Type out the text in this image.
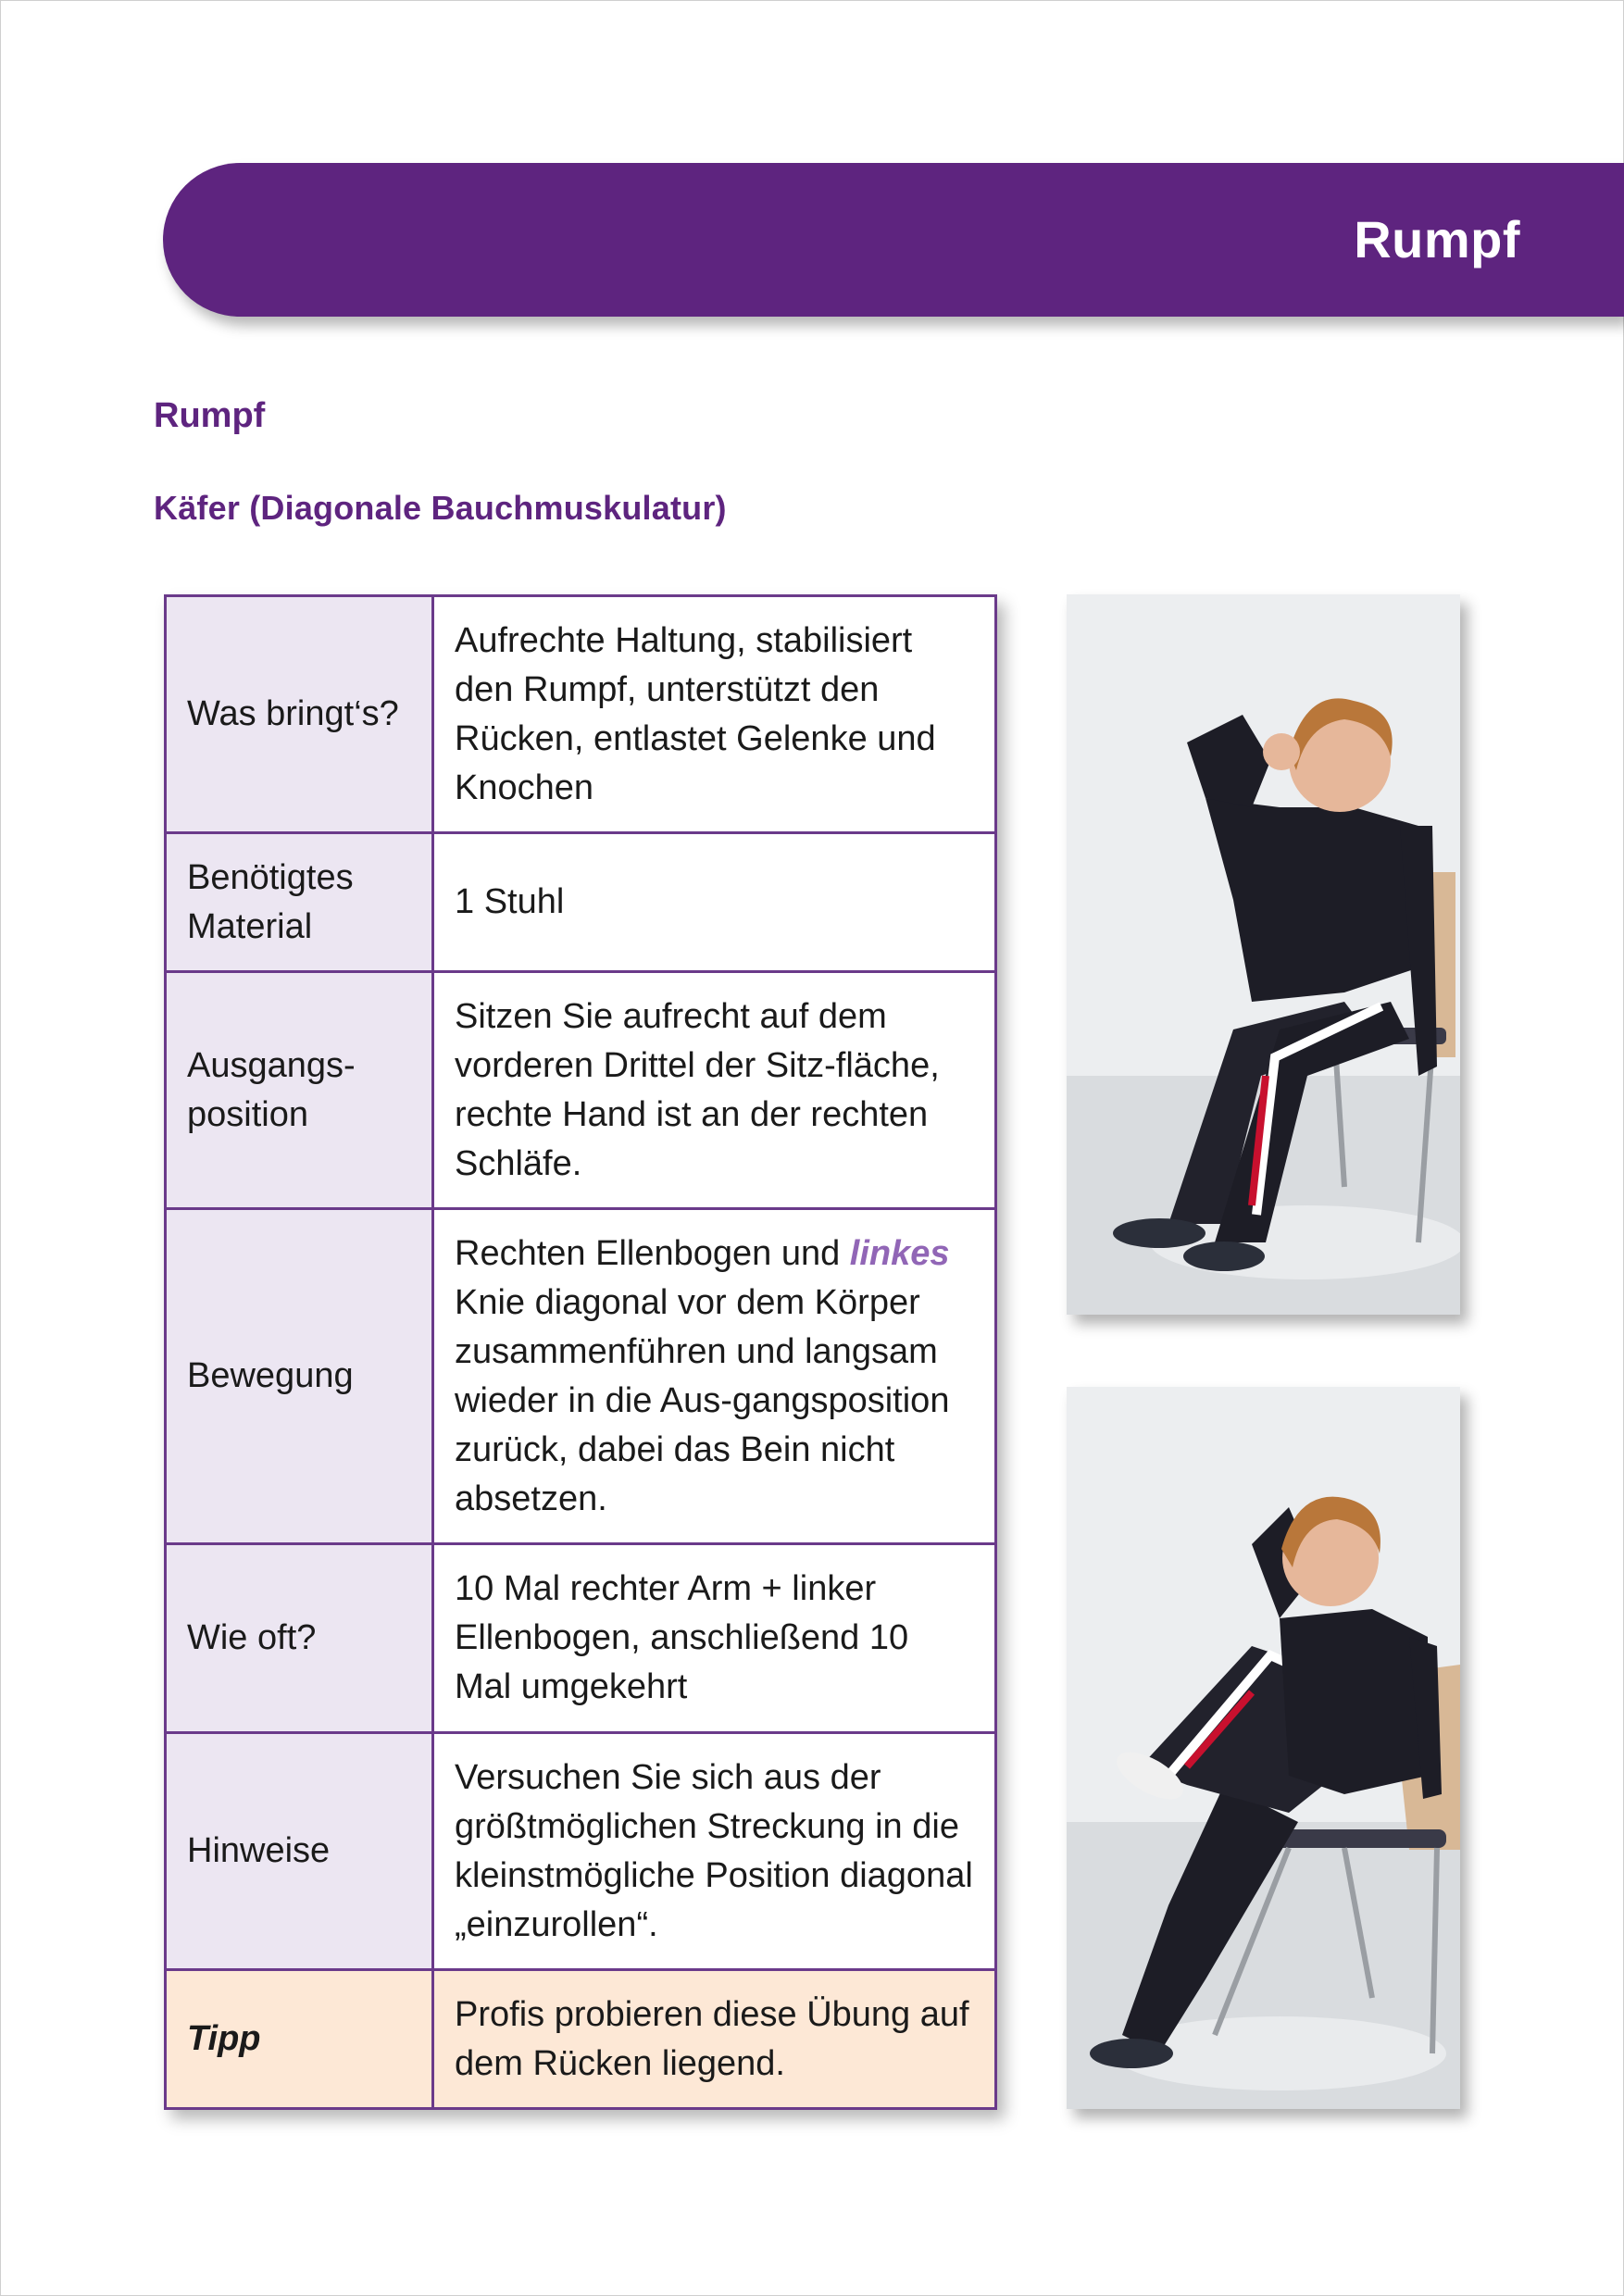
Rumpf
Rumpf
Käfer (Diagonale Bauchmuskulatur)
Was bringt‘s?	Aufrechte Haltung, stabilisiert den Rumpf, unterstützt den Rücken, entlastet Gelenke und Knochen
Benötigtes Material	1 Stuhl
Ausgangs-position	Sitzen Sie aufrecht auf dem vorderen Drittel der Sitz-fläche, rechte Hand ist an der rechten Schläfe.
Bewegung	Rechten Ellenbogen und linkes Knie diagonal vor dem Körper zusammenführen und langsam wieder in die Aus-gangsposition zurück, dabei das Bein nicht absetzen.
Wie oft?	10 Mal rechter Arm + linker Ellenbogen, anschließend 10 Mal umgekehrt
Hinweise	Versuchen Sie sich aus der größtmöglichen Streckung in die kleinstmögliche Position diagonal „einzurollen“.
Tipp	Profis probieren diese Übung auf dem Rücken liegend.
